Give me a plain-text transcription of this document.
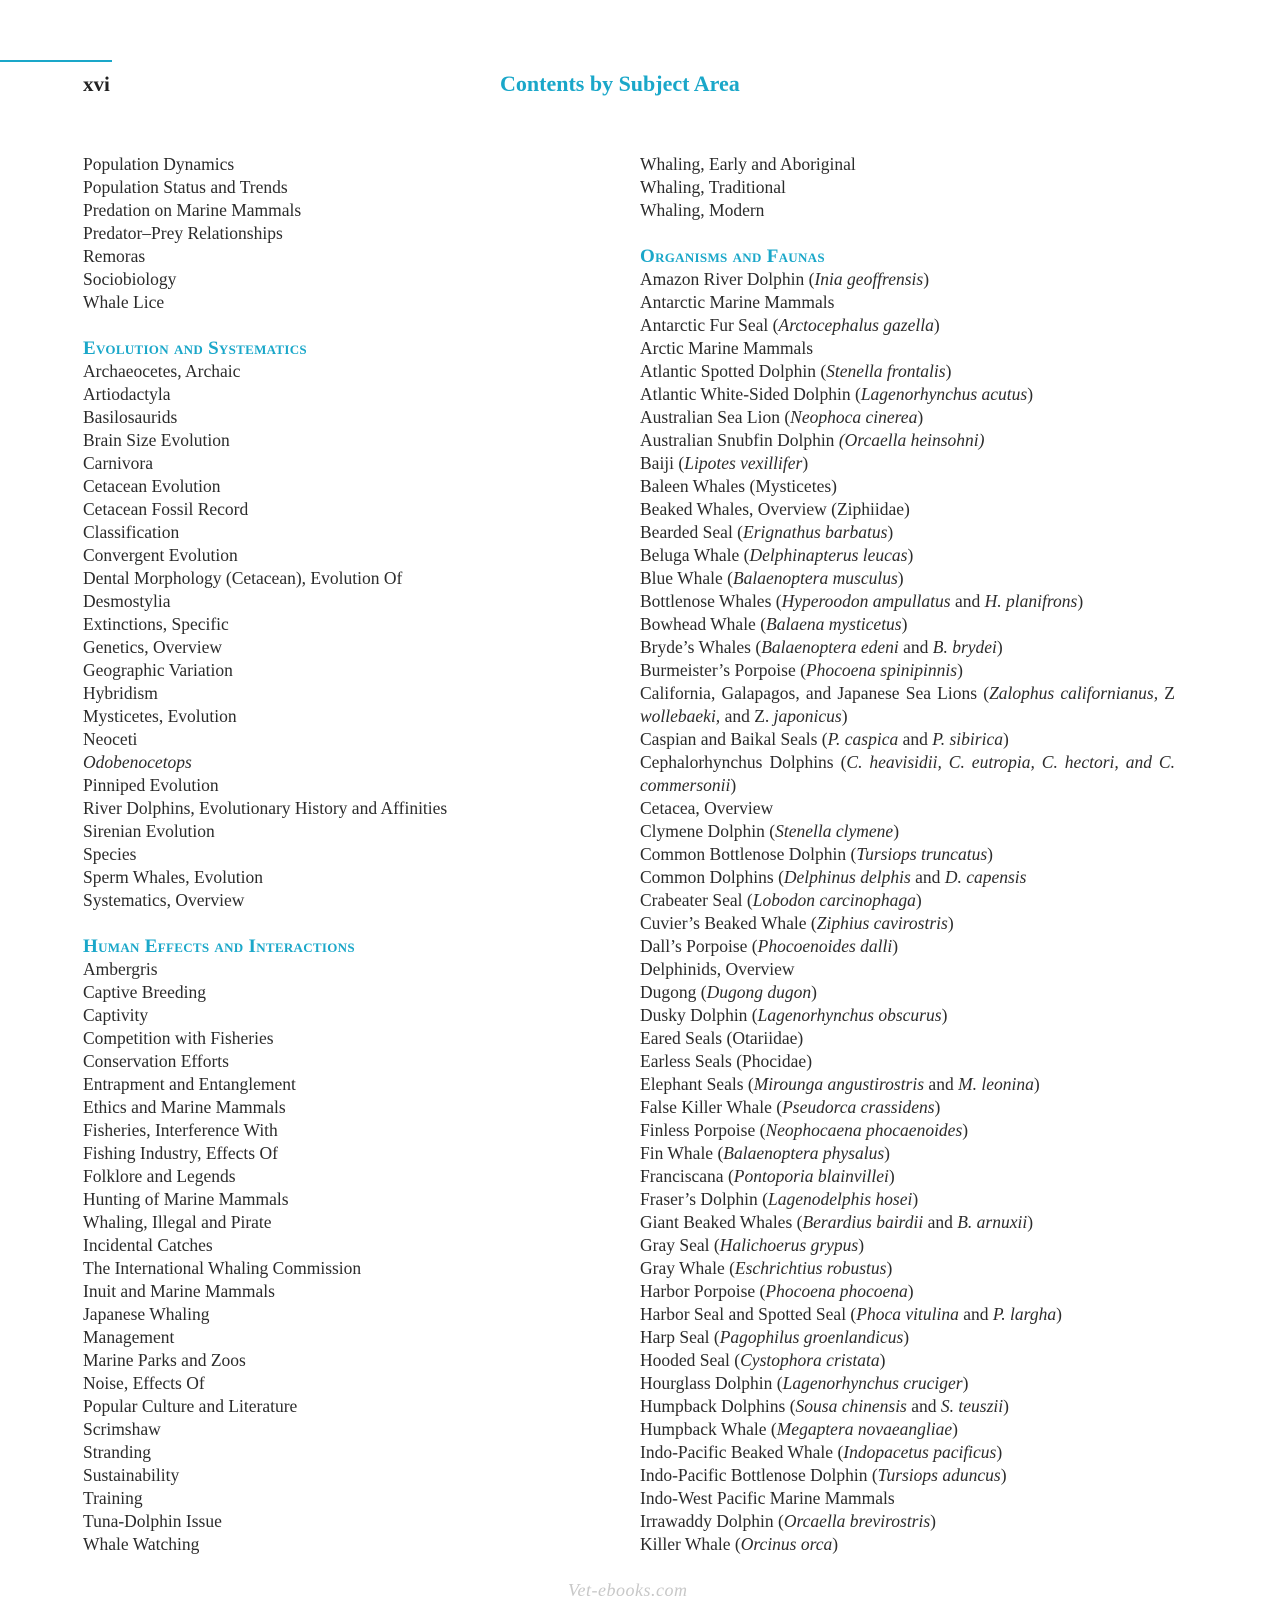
xvi	Contents by Subject Area
Population Dynamics
Population Status and Trends
Predation on Marine Mammals
Predator–Prey Relationships
Remoras
Sociobiology
Whale Lice
Evolution and Systematics
Archaeocetes, Archaic
Artiodactyla
Basilosaurids
Brain Size Evolution
Carnivora
Cetacean Evolution
Cetacean Fossil Record
Classification
Convergent Evolution
Dental Morphology (Cetacean), Evolution Of
Desmostylia
Extinctions, Specific
Genetics, Overview
Geographic Variation
Hybridism
Mysticetes, Evolution
Neoceti
Odobenocetops
Pinniped Evolution
River Dolphins, Evolutionary History and Affinities
Sirenian Evolution
Species
Sperm Whales, Evolution
Systematics, Overview
Human Effects and Interactions
Ambergris
Captive Breeding
Captivity
Competition with Fisheries
Conservation Efforts
Entrapment and Entanglement
Ethics and Marine Mammals
Fisheries, Interference With
Fishing Industry, Effects Of
Folklore and Legends
Hunting of Marine Mammals
Whaling, Illegal and Pirate
Incidental Catches
The International Whaling Commission
Inuit and Marine Mammals
Japanese Whaling
Management
Marine Parks and Zoos
Noise, Effects Of
Popular Culture and Literature
Scrimshaw
Stranding
Sustainability
Training
Tuna-Dolphin Issue
Whale Watching
Whaling, Early and Aboriginal
Whaling, Traditional
Whaling, Modern
Organisms and Faunas
Amazon River Dolphin (Inia geoffrensis)
Antarctic Marine Mammals
Antarctic Fur Seal (Arctocephalus gazella)
Arctic Marine Mammals
Atlantic Spotted Dolphin (Stenella frontalis)
Atlantic White-Sided Dolphin (Lagenorhynchus acutus)
Australian Sea Lion (Neophoca cinerea)
Australian Snubfin Dolphin (Orcaella heinsohni)
Baiji (Lipotes vexillifer)
Baleen Whales (Mysticetes)
Beaked Whales, Overview (Ziphiidae)
Bearded Seal (Erignathus barbatus)
Beluga Whale (Delphinapterus leucas)
Blue Whale (Balaenoptera musculus)
Bottlenose Whales (Hyperoodon ampullatus and H. planifrons)
Bowhead Whale (Balaena mysticetus)
Bryde’s Whales (Balaenoptera edeni and B. brydei)
Burmeister’s Porpoise (Phocoena spinipinnis)
California, Galapagos, and Japanese Sea Lions (Zalophus californianus, Z wollebaeki, and Z. japonicus)
Caspian and Baikal Seals (P. caspica and P. sibirica)
Cephalorhynchus Dolphins (C. heavisidii, C. eutropia, C. hectori, and C. commersonii)
Cetacea, Overview
Clymene Dolphin (Stenella clymene)
Common Bottlenose Dolphin (Tursiops truncatus)
Common Dolphins (Delphinus delphis and D. capensis
Crabeater Seal (Lobodon carcinophaga)
Cuvier’s Beaked Whale (Ziphius cavirostris)
Dall’s Porpoise (Phocoenoides dalli)
Delphinids, Overview
Dugong (Dugong dugon)
Dusky Dolphin (Lagenorhynchus obscurus)
Eared Seals (Otariidae)
Earless Seals (Phocidae)
Elephant Seals (Mirounga angustirostris and M. leonina)
False Killer Whale (Pseudorca crassidens)
Finless Porpoise (Neophocaena phocaenoides)
Fin Whale (Balaenoptera physalus)
Franciscana (Pontoporia blainvillei)
Fraser’s Dolphin (Lagenodelphis hosei)
Giant Beaked Whales (Berardius bairdii and B. arnuxii)
Gray Seal (Halichoerus grypus)
Gray Whale (Eschrichtius robustus)
Harbor Porpoise (Phocoena phocoena)
Harbor Seal and Spotted Seal (Phoca vitulina and P. largha)
Harp Seal (Pagophilus groenlandicus)
Hooded Seal (Cystophora cristata)
Hourglass Dolphin (Lagenorhynchus cruciger)
Humpback Dolphins (Sousa chinensis and S. teuszii)
Humpback Whale (Megaptera novaeangliae)
Indo-Pacific Beaked Whale (Indopacetus pacificus)
Indo-Pacific Bottlenose Dolphin (Tursiops aduncus)
Indo-West Pacific Marine Mammals
Irrawaddy Dolphin (Orcaella brevirostris)
Killer Whale (Orcinus orca)
Vet-ebooks.com
